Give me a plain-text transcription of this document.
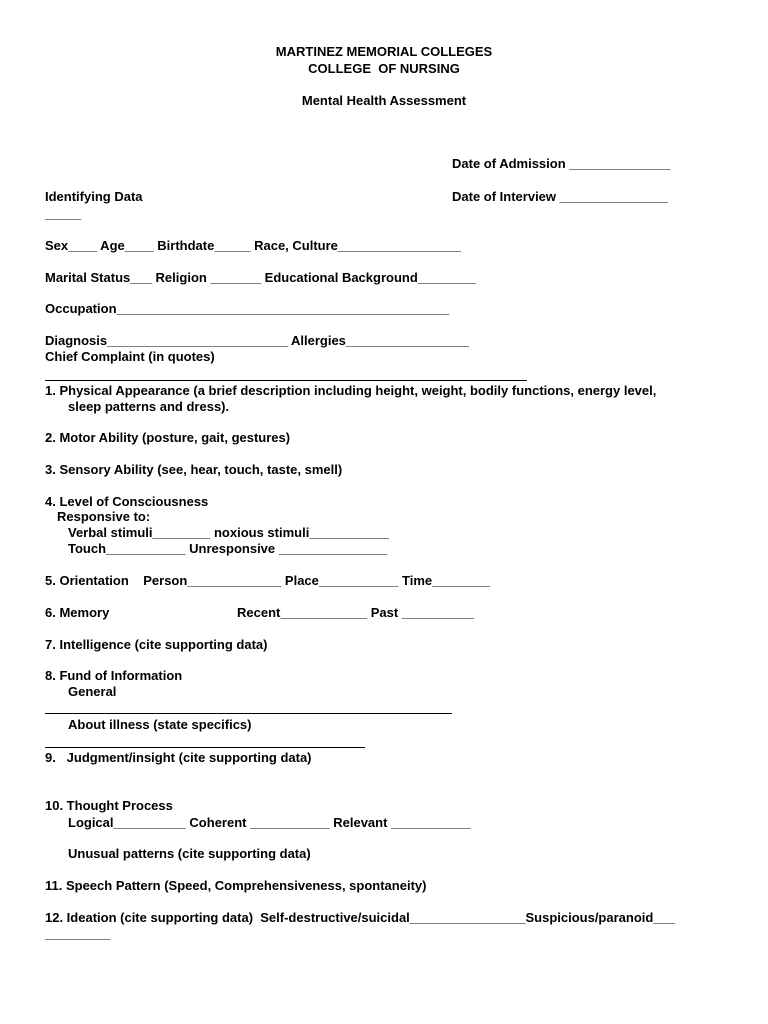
MARTINEZ MEMORIAL COLLEGES
COLLEGE  OF NURSING
Mental Health Assessment
Date of Admission ______________
Date of Interview _______________
Identifying Data
_____
Sex____ Age____ Birthdate_____ Race, Culture_________________
Marital Status___ Religion _______ Educational Background________
Occupation______________________________________________
Diagnosis_________________________ Allergies_________________
Chief Complaint (in quotes)
1. Physical Appearance (a brief description including height, weight, bodily functions, energy level,
sleep patterns and dress).
2. Motor Ability (posture, gait, gestures)
3. Sensory Ability (see, hear, touch, taste, smell)
4. Level of Consciousness
Responsive to:
Verbal stimuli________ noxious stimuli___________
Touch___________ Unresponsive _______________
5. Orientation    Person_____________ Place___________ Time________
6. Memory	Recent____________ Past __________
7. Intelligence (cite supporting data)
8. Fund of Information
General
About illness (state specifics)
9.   Judgment/insight (cite supporting data)
10. Thought Process
Logical__________ Coherent ___________ Relevant ___________
Unusual patterns (cite supporting data)
11. Speech Pattern (Speed, Comprehensiveness, spontaneity)
12. Ideation (cite supporting data)  Self-destructive/suicidal________________Suspicious/paranoid___
_________
